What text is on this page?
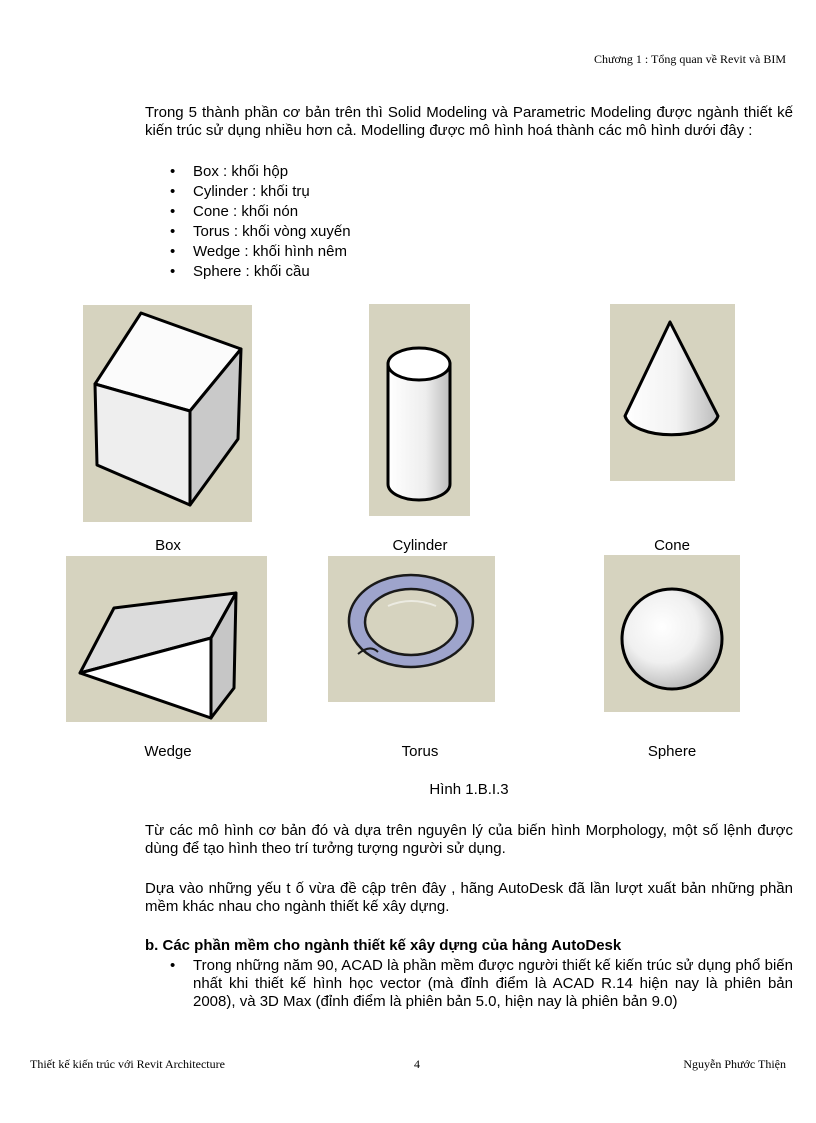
Chương 1 : Tổng quan về Revit và BIM
Trong 5 thành phần cơ bản trên thì Solid Modeling và Parametric Modeling được ngành thiết kế kiến trúc sử dụng nhiều hơn cả. Modelling được mô hình hoá thành các mô hình dưới đây :
• Box : khối hộp
• Cylinder : khối trụ
• Cone : khối nón
• Torus : khối vòng xuyến
• Wedge : khối hình nêm
• Sphere : khối cầu
Box	Cylinder	Cone
Wedge	Torus	Sphere
Hình 1.B.I.3
Từ các mô hình cơ bản đó và dựa trên nguyên lý của biến hình Morphology, một số lệnh được dùng để tạo hình theo trí tưởng tượng người sử dụng.
Dựa vào những yếu t ố vừa đề cập trên đây , hãng AutoDesk đã lần lượt xuất bản những phần mềm khác nhau cho ngành thiết kế xây dựng.
b. Các phần mềm cho ngành thiết kế xây dựng của hảng AutoDesk
•	Trong những năm 90, ACAD là phần mềm được người thiết kế kiến trúc sử dụng phổ biến nhất khi thiết kế hình học vector (mà đỉnh điểm là ACAD R.14 hiện nay là phiên bản 2008), và 3D Max (đỉnh điểm là phiên bản 5.0, hiện nay là phiên bản 9.0)
Thiết kế kiến trúc với Revit Architecture	4	Nguyễn Phước Thiện
